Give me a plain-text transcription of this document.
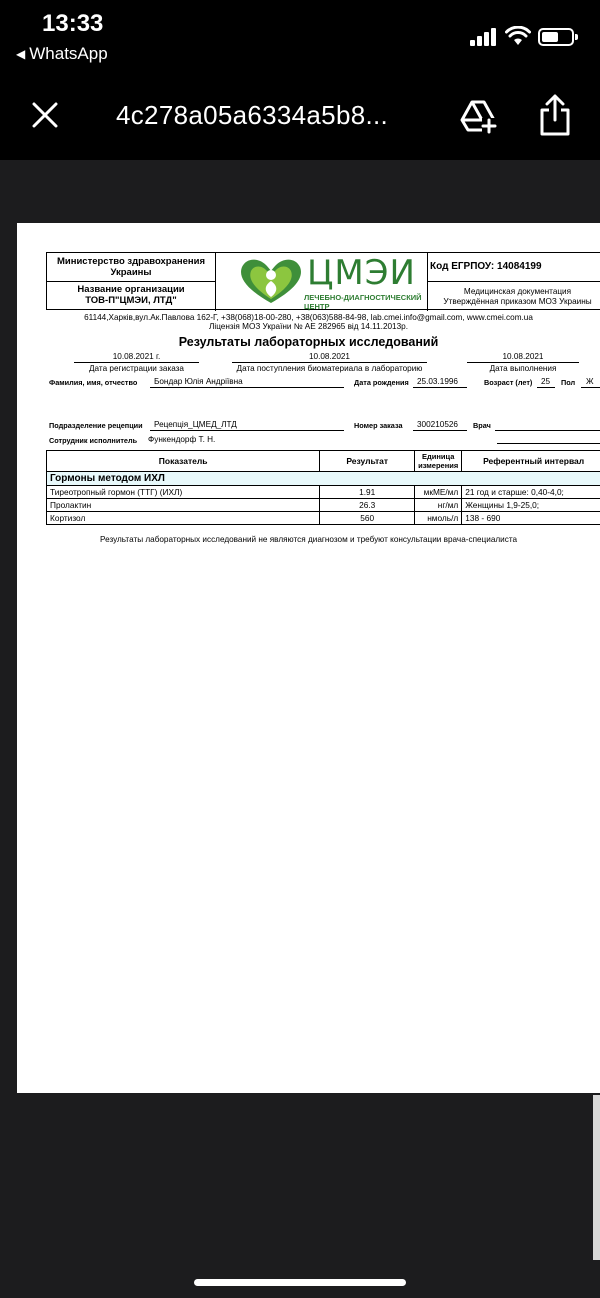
13:33
◀ WhatsApp
4c278a05a6334a5b8...
Министерство здравохранения Украины
Название организации
ТОВ-П"ЦМЭИ, ЛТД"
Код ЕГРПОУ: 14084199
Медицинская документация
Утверждённая приказом МОЗ Украины
ЦМЭИ
ЛЕЧЕБНО-ДИАГНОСТИЧЕСКИЙ ЦЕНТР
61144,Харків,вул.Ак.Павлова 162-Г, +38(068)18-00-280, +38(063)588-84-98, lab.cmei.info@gmail.com, www.cmei.com.ua
Ліцензія МОЗ України № АЕ 282965 від 14.11.2013р.
Результаты лабораторных исследований
10.08.2021 г.
Дата регистрации заказа
10.08.2021
Дата поступления биоматериала в лабораторию
10.08.2021
Дата выполнения
Фамилия, имя, отчество Бондар Юлія Андріївна	Дата рождения 25.03.1996	Возраст (лет) 25 Пол Ж
Подразделение рецепции Рецепція_ЦМЕД_ЛТД	Номер заказа 300210526 Врач
Сотрудник исполнитель Функендорф Т. Н.
Показатель	Результат	Единица измерения	Референтный интервал
Гормоны методом ИХЛ			
Тиреотропный гормон (ТТГ) (ИХЛ)	1.91	мкМЕ/мл	21 год и старше: 0,40-4,0;
Пролактин	26.3	нг/мл	Женщины 1,9-25,0;
Кортизол	560	нмоль/л	138 - 690
Результаты лабораторных исследований не являются диагнозом и требуют консультации врача-специалиста
